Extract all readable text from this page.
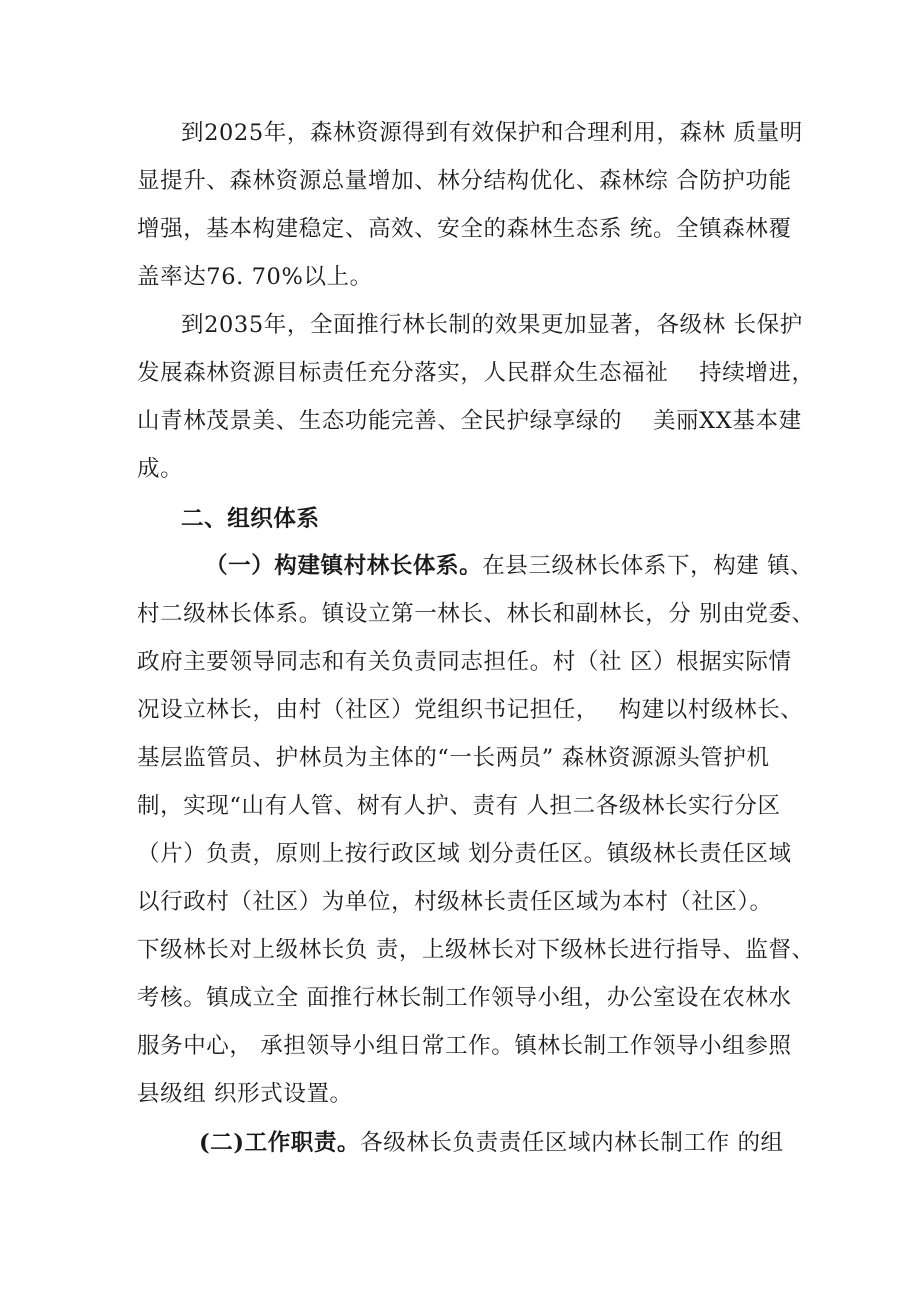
到2025年，森林资源得到有效保护和合理利用，森林 质量明
显提升、森林资源总量增加、林分结构优化、森林综 合防护功能
增强，基本构建稳定、高效、安全的森林生态系 统。全镇森林覆
盖率达76. 70%以上。
到2035年，全面推行林长制的效果更加显著，各级林 长保护
发展森林资源目标责任充分落实，人民群众生态福祉 　持续增进，
山青林茂景美、生态功能完善、全民护绿享绿的 　美丽XX基本建
成。
二、组织体系
（一）构建镇村林长体系。在县三级林长体系下，构建 镇、
村二级林长体系。镇设立第一林长、林长和副林长，分 别由党委、
政府主要领导同志和有关负责同志担任。村（社 区）根据实际情
况设立林长，由村（社区）党组织书记担任，　 构建以村级林长、
基层监管员、护林员为主体的“一长两员” 森林资源源头管护机
制，实现“山有人管、树有人护、责有 人担二各级林长实行分区
（片）负责，原则上按行政区域 划分责任区。镇级林长责任区域
以行政村（社区）为单位，村级林长责任区域为本村（社区）。
下级林长对上级林长负 责，上级林长对下级林长进行指导、监督、
考核。镇成立全 面推行林长制工作领导小组，办公室设在农林水
服务中心， 承担领导小组日常工作。镇林长制工作领导小组参照
县级组 织形式设置。
(二)工作职责。各级林长负责责任区域内林长制工作 的组
